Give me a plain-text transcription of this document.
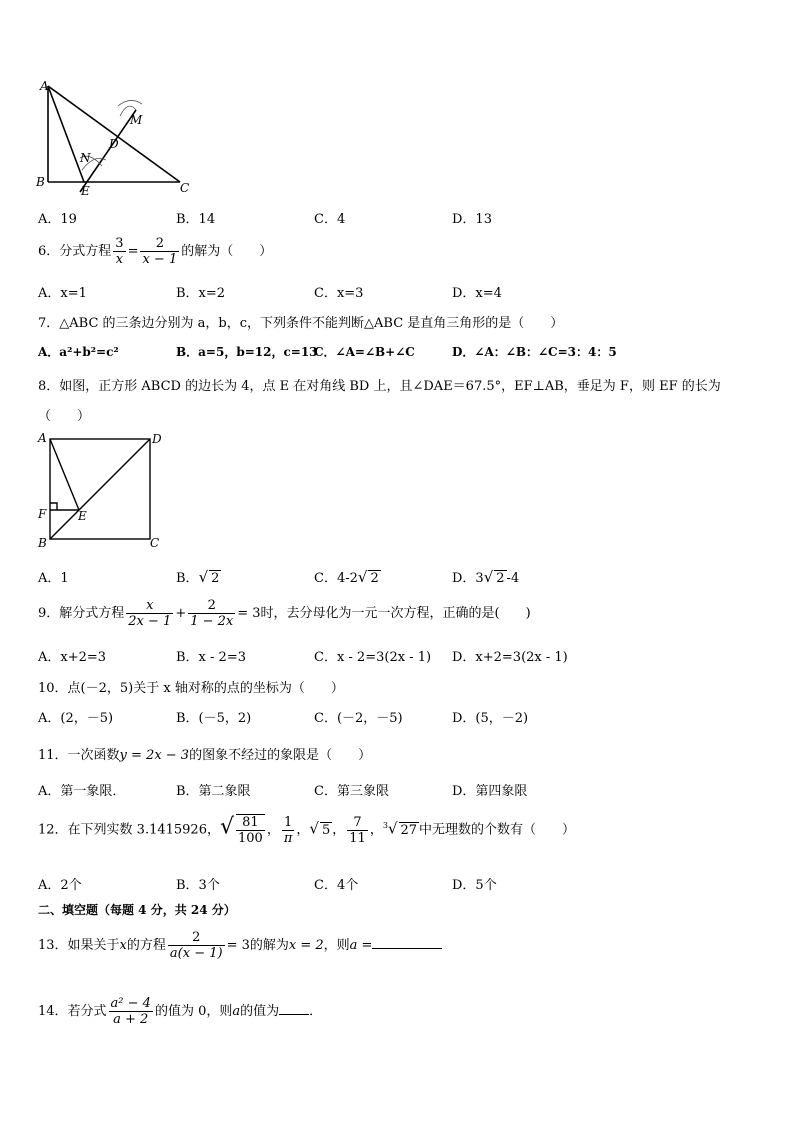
A
B	C
D
E
M
N
A．19	B．14	C．4	D．13
6．分式方程 $\frac{3}{x} = \frac{2}{x - 1}$ 的解为（　　）
A．x=1	B．x=2	C．x=3	D．x=4
7．△ABC 的三条边分别为 a，b，c，下列条件不能判断△ABC 是直角三角形的是（　　）
A．a²+b²=c²	B．a=5，b=12，c=13
C．∠A=∠B+∠C	D．∠A：∠B：∠C=3：4：5
8．如图，正方形 ABCD 的边长为 4，点 E 在对角线 BD 上，且∠DAE＝67.5°，EF⊥AB，垂足为 F，则 EF 的长为
（　　）
A	D
F	E
B	C
A．1	B．√ 2	C．4-2√ 2	D．3√ 2 -4
9．解分式方程 $\frac{x}{2x - 1} + \frac{2}{1 - 2x} = 3$时，去分母化为一元一次方程，正确的是(　　)
A．x+2=3	B．x - 2=3	C．x - 2=3(2x - 1) D．x+2=3(2x - 1)
10．点(－2，5)关于 x 轴对称的点的坐标为（　　）
A．(2，－5)	B．(－5，2)	C．(－2，－5)	D．(5，－2)
11．一次函数y = 2x − 3的图象不经过的象限是（　　）
A．第一象限．	B．第二象限	C．第三象限	D．第四象限
12．在下列实数 3.1415926，√ $\frac{81}{100}$ ， $\frac{1}{\pi}$ ，√ 5 ， $\frac{7}{11}$ ，$^3$√ 27 中无理数的个数有（　　）
A．2个	B．3个	C．4个	D．5个
二、填空题（每题 4 分，共 24 分）
13．如果关于x的方程 $\frac{2}{a(x - 1)} = 3$的解为x = 2，则a =
14．若分式 $\frac{\text{a² − 4}}{a + 2}$ 的值为 0，则a的值为 ．
